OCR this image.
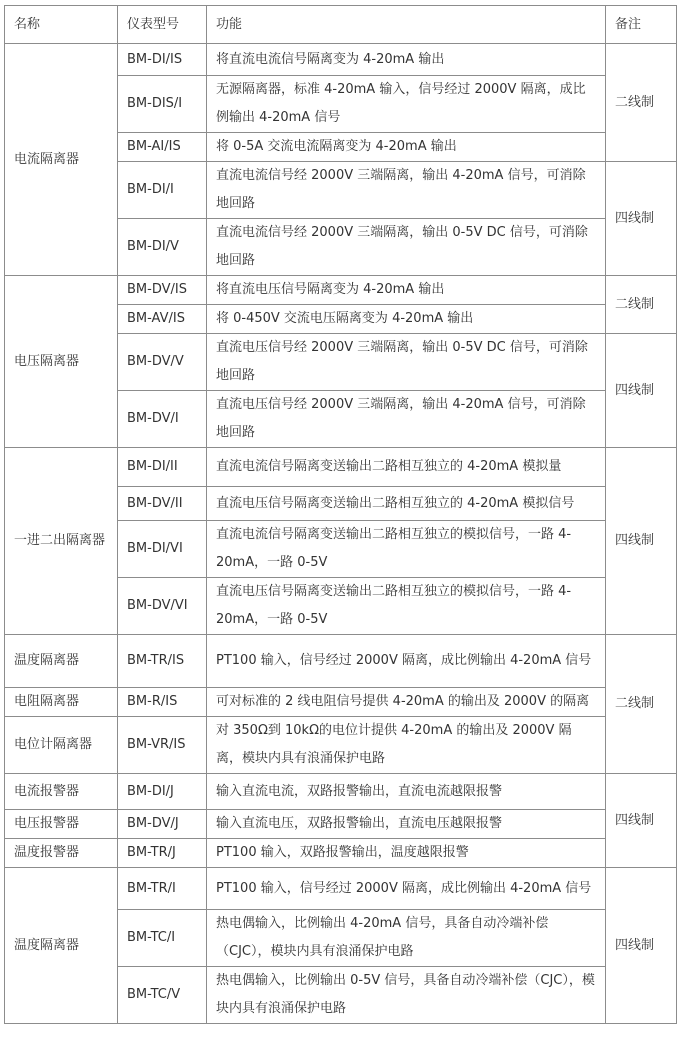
名称	仪表型号	功能	备注
电流隔离器	BM-DI/IS	将直流电流信号隔离变为 4-20mA 输出	二线制
	BM-DIS/I	无源隔离器，标准 4-20mA 输入，信号经过 2000V 隔离，成比例输出 4-20mA 信号	
	BM-AI/IS	将 0-5A 交流电流隔离变为 4-20mA 输出	
	BM-DI/I	直流电流信号经 2000V 三端隔离，输出 4-20mA 信号，可消除地回路	四线制
	BM-DI/V	直流电流信号经 2000V 三端隔离，输出 0-5V DC 信号，可消除地回路	
电压隔离器	BM-DV/IS	将直流电压信号隔离变为 4-20mA 输出	二线制
	BM-AV/IS	将 0-450V 交流电压隔离变为 4-20mA 输出	
	BM-DV/V	直流电压信号经 2000V 三端隔离，输出 0-5V DC 信号，可消除地回路	四线制
	BM-DV/I	直流电压信号经 2000V 三端隔离，输出 4-20mA 信号，可消除地回路	
一进二出隔离器	BM-DI/II	直流电流信号隔离变送输出二路相互独立的 4-20mA 模拟量	四线制
	BM-DV/II	直流电压信号隔离变送输出二路相互独立的 4-20mA 模拟信号	
	BM-DI/VI	直流电流信号隔离变送输出二路相互独立的模拟信号，一路 4-20mA，一路 0-5V	
	BM-DV/VI	直流电压信号隔离变送输出二路相互独立的模拟信号，一路 4-20mA，一路 0-5V	
温度隔离器	BM-TR/IS	PT100 输入，信号经过 2000V 隔离，成比例输出 4-20mA 信号	二线制
电阻隔离器	BM-R/IS	可对标准的 2 线电阻信号提供 4-20mA 的输出及 2000V 的隔离	
电位计隔离器	BM-VR/IS	对 350Ω到 10kΩ的电位计提供 4-20mA 的输出及 2000V 隔离，模块内具有浪涌保护电路	
电流报警器	BM-DI/J	输入直流电流，双路报警输出，直流电流越限报警	四线制
电压报警器	BM-DV/J	输入直流电压，双路报警输出，直流电压越限报警	
温度报警器	BM-TR/J	PT100 输入，双路报警输出，温度越限报警	
温度隔离器	BM-TR/I	PT100 输入，信号经过 2000V 隔离，成比例输出 4-20mA 信号	四线制
	BM-TC/I	热电偶输入，比例输出 4-20mA 信号，具备自动冷端补偿（CJC），模块内具有浪涌保护电路	
	BM-TC/V	热电偶输入，比例输出 0-5V 信号，具备自动冷端补偿（CJC），模块内具有浪涌保护电路	
